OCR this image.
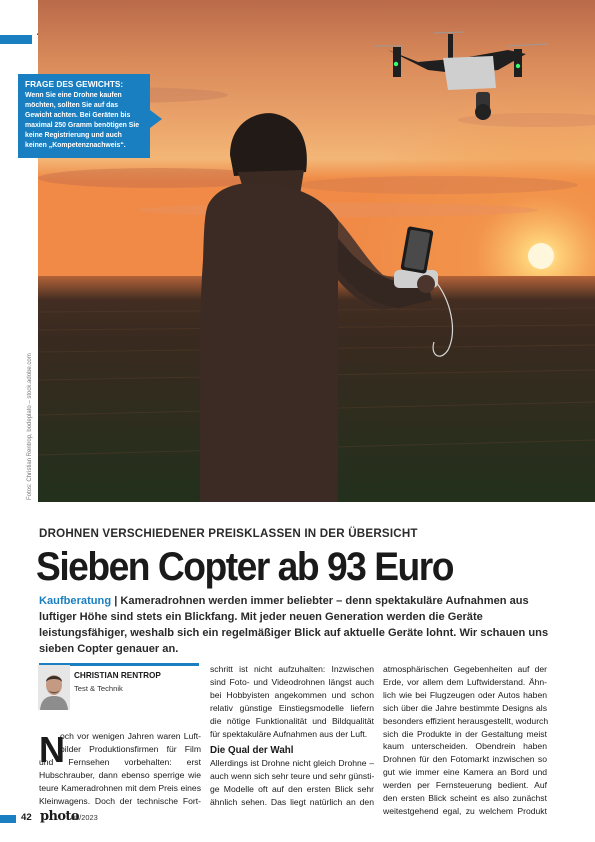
FRAGE DES GEWICHTS:
Wenn Sie eine Drohne kaufen möchten, sollten Sie auf das Gewicht achten. Bei Geräten bis maximal 250 Gramm benötigen Sie keine Registrierung und auch keinen „Kompetenznachweis“.
Fotos: Christian Rentrop, bodeplato – stock.adobe.com
DROHNEN VERSCHIEDENER PREISKLASSEN IN DER ÜBERSICHT
Sieben Copter ab 93 Euro
Kaufberatung | Kameradrohnen werden immer beliebter – denn spektakuläre Aufnahmen aus luftiger Höhe sind stets ein Blickfang. Mit jeder neuen Generation werden die Geräte leistungsfähiger, weshalb sich ein regelmäßiger Blick auf aktuelle Geräte lohnt. Wir schauen uns sieben Copter genauer an.
CHRISTIAN RENTROP
Test & Technik
N
och vor wenigen Jahren waren Luft-
bilder Produktionsfirmen für Film
und Fernsehen vorbehalten: erst
Hubschrauber, dann ebenso sperrige wie
teure Kameradrohnen mit dem Preis eines
Kleinwagens. Doch der technische Fort-
schritt ist nicht aufzuhalten: Inzwischen
sind Foto- und Videodrohnen längst auch
bei Hobbyisten angekommen und schon
relativ günstige Einstiegsmodelle liefern
die nötige Funktionalität und Bildqualität
für spektakuläre Aufnahmen aus der Luft.
Die Qual der Wahl
Allerdings ist Drohne nicht gleich Drohne –
auch wenn sich sehr teure und sehr günsti-
ge Modelle oft auf den ersten Blick sehr
ähnlich sehen. Das liegt natürlich an den
atmosphärischen Gegebenheiten auf der
Erde, vor allem dem Luftwiderstand. Ähn-
lich wie bei Flugzeugen oder Autos haben
sich über die Jahre bestimmte Designs als
besonders effizient herausgestellt, wodurch
sich die Produkte in der Gestaltung meist
kaum unterscheiden. Obendrein haben
Drohnen für den Fotomarkt inzwischen so
gut wie immer eine Kamera an Bord und
werden per Fernsteuerung bedient. Auf
den ersten Blick scheint es also zunächst
weitestgehend egal, zu welchem Produkt
42 photo
08/2023
